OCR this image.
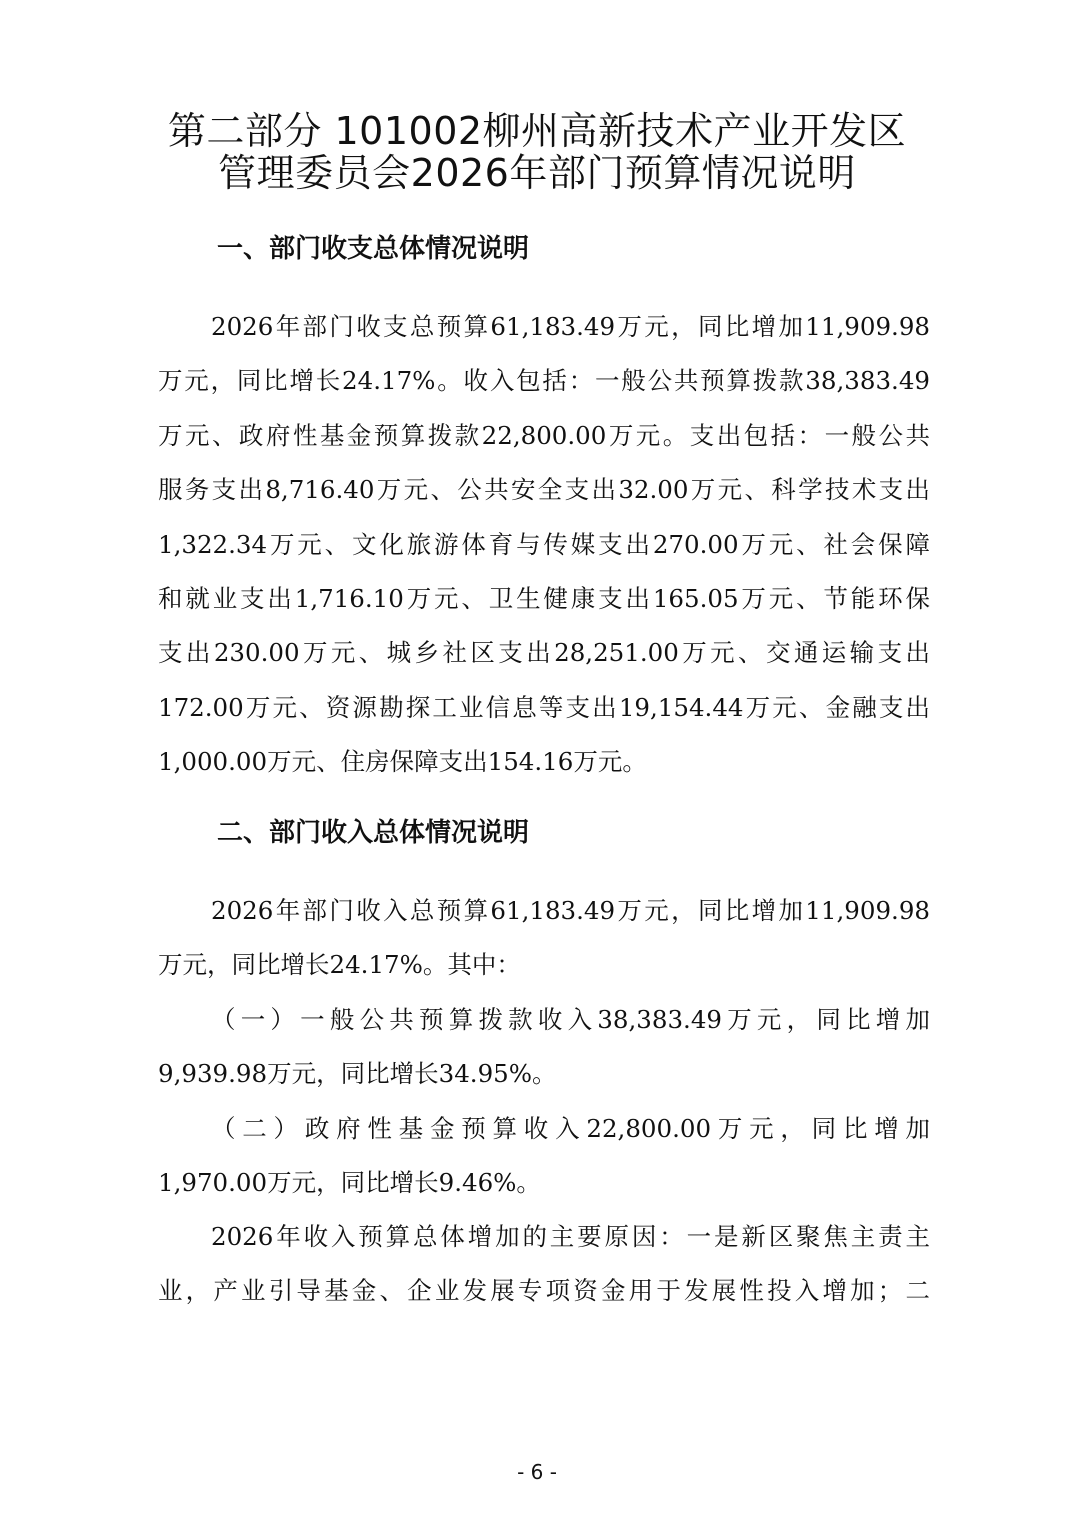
第二部分 101002柳州高新技术产业开发区
管理委员会2026年部门预算情况说明
一、部门收支总体情况说明
2026年部门收支总预算61,183.49万元，同比增加11,909.98
万元，同比增长24.17%。收入包括：一般公共预算拨款38,383.49
万元、政府性基金预算拨款22,800.00万元。支出包括：一般公共
服务支出8,716.40万元、公共安全支出32.00万元、科学技术支出
1,322.34万元、文化旅游体育与传媒支出270.00万元、社会保障
和就业支出1,716.10万元、卫生健康支出165.05万元、节能环保
支出230.00万元、城乡社区支出28,251.00万元、交通运输支出
172.00万元、资源勘探工业信息等支出19,154.44万元、金融支出
1,000.00万元、住房保障支出154.16万元。
二、部门收入总体情况说明
2026年部门收入总预算61,183.49万元，同比增加11,909.98
万元，同比增长24.17%。其中：
（一）一般公共预算拨款收入38,383.49万元，同比增加
9,939.98万元，同比增长34.95%。
（二）政府性基金预算收入22,800.00万元，同比增加
1,970.00万元，同比增长9.46%。
2026年收入预算总体增加的主要原因：一是新区聚焦主责主
业，产业引导基金、企业发展专项资金用于发展性投入增加；二
- 6 -
